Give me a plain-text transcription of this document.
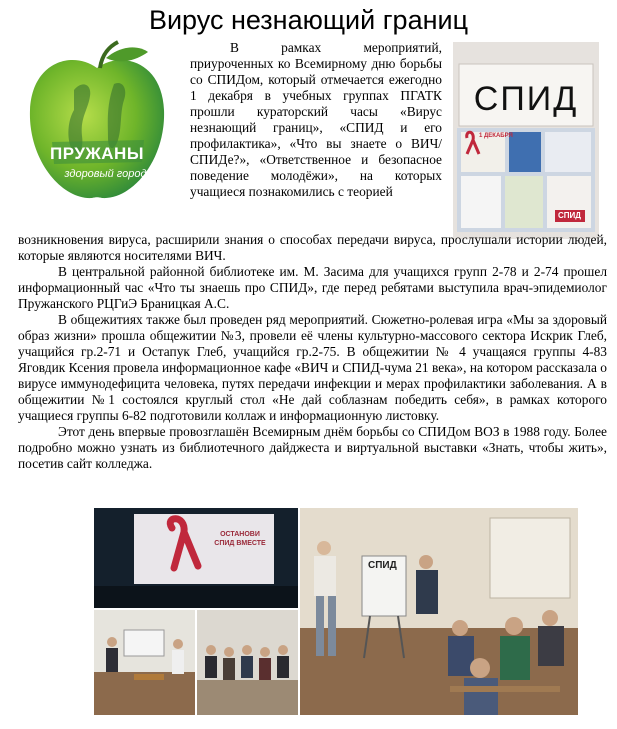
Вирус незнающий границ
ПРУЖАНЫ
здоровый город!

В рамках мероприятий, приуроченных ко Всемирному дню борьбы со СПИДом, который отмечается ежегодно 1 декабря в учебных группах ПГАТК прошли кураторский часы «Вирус незнающий границ», «СПИД и его профилактика», «Что вы знаете о ВИЧ/СПИДе?», «Ответственное и безопасное поведение молодёжи», на которых учащиеся познакомились с теорией

СПИД
1 ДЕКАБРЯ
СПИД

возникновения вируса, расширили знания о способах передачи вируса, прослушали истории людей, которые являются носителями ВИЧ.

В центральной районной библиотеке им. М. Засима для учащихся групп 2-78 и 2-74 прошел информационный час «Что ты знаешь про СПИД», где перед ребятами выступила врач-эпидемиолог Пружанского РЦГиЭ Браницкая А.С.

В общежитиях также был проведен ряд мероприятий. Сюжетно-ролевая игра «Мы за здоровый образ жизни» прошла общежитии №3, провели её члены культурно-массового сектора Искрик Глеб, учащийся гр.2-71 и Остапук Глеб, учащийся гр.2-75. В общежитии № 4 учащаяся группы 4-83 Яговдик Ксения провела информационное кафе «ВИЧ и СПИД-чума 21 века», на котором рассказала о вирусе иммунодефицита человека, путях передачи инфекции и мерах профилактики заболевания. А в общежитии №1 состоялся круглый стол «Не дай соблазнам победить себя», в рамках которого учащиеся группы 6-82 подготовили коллаж и информационную листовку.

Этот день впервые провозглашён Всемирным днём борьбы со СПИДом ВОЗ в 1988 году. Более подробно можно узнать из библиотечного дайджеста и виртуальной выставки «Знать, чтобы жить», посетив сайт колледжа.

ОСТАНОВИ СПИД ВМЕСТЕ
СПИД
